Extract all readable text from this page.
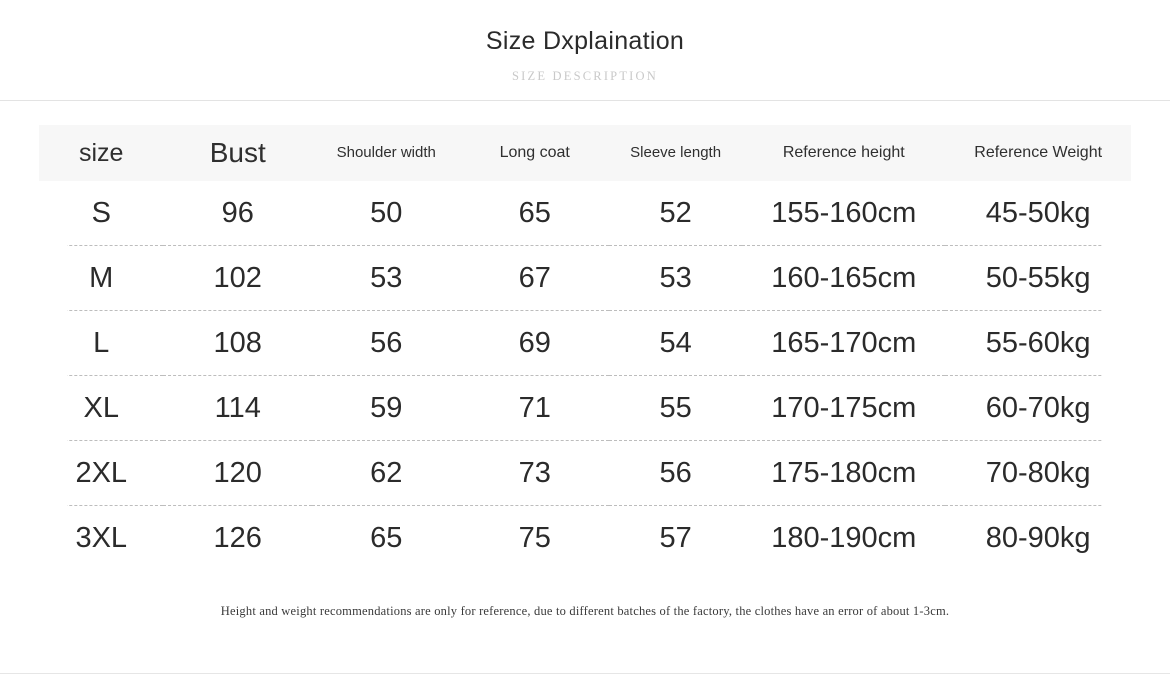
Size Dxplaination
SIZE DESCRIPTION
size	Bust	Shoulder width	Long coat	Sleeve length	Reference height	Reference Weight
S	96	50	65	52	155-160cm	45-50kg
M	102	53	67	53	160-165cm	50-55kg
L	108	56	69	54	165-170cm	55-60kg
XL	114	59	71	55	170-175cm	60-70kg
2XL	120	62	73	56	175-180cm	70-80kg
3XL	126	65	75	57	180-190cm	80-90kg
Height and weight recommendations are only for reference, due to different batches of the factory, the clothes have an error of about 1-3cm.
